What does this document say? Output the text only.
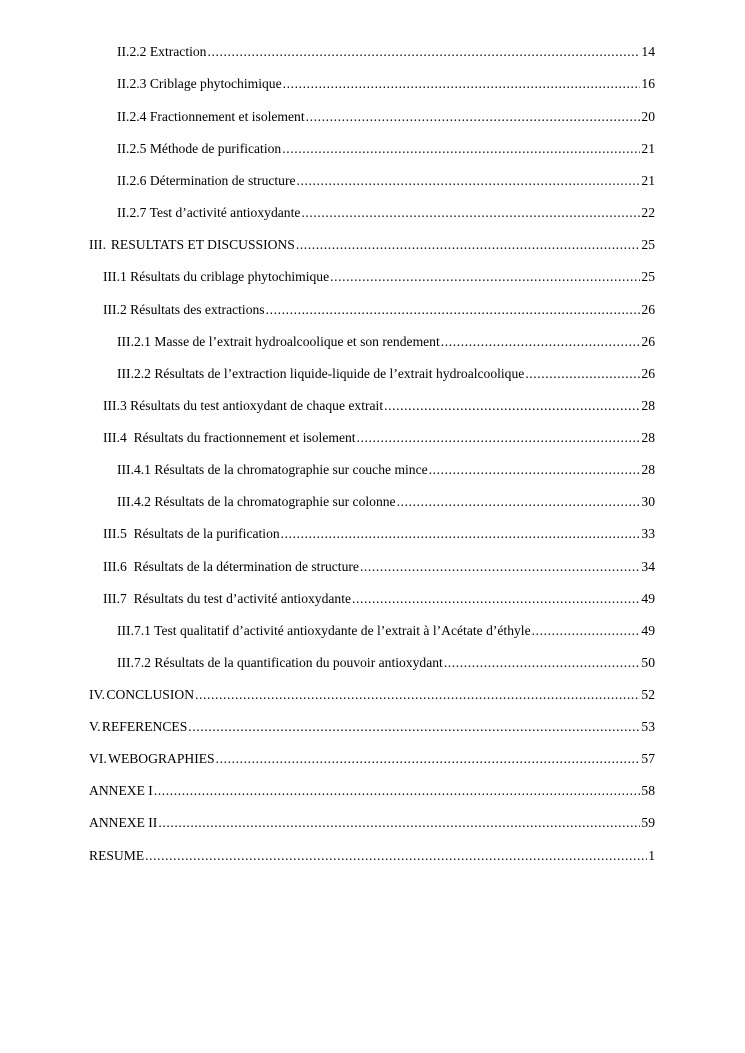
II.2.2 Extraction .....	14
II.2.3 Criblage phytochimique .....	16
II.2.4 Fractionnement et isolement .....	20
II.2.5 Méthode de purification .....	21
II.2.6 Détermination de structure .....	21
II.2.7 Test d’activité antioxydante .....	22
III. RESULTATS ET DISCUSSIONS .....	25
III.1 Résultats du criblage phytochimique .....	25
III.2 Résultats des extractions .....	26
III.2.1 Masse de l’extrait hydroalcoolique et son rendement .....	26
III.2.2 Résultats de l’extraction liquide-liquide de l’extrait hydroalcoolique .....	26
III.3 Résultats du test antioxydant de chaque extrait .....	28
III.4  Résultats du fractionnement et isolement .....	28
III.4.1 Résultats de la chromatographie sur couche mince .....	28
III.4.2 Résultats de la chromatographie sur colonne .....	30
III.5  Résultats de la purification .....	33
III.6  Résultats de la détermination de structure .....	34
III.7  Résultats du test d’activité antioxydante .....	49
III.7.1 Test qualitatif d’activité antioxydante de l’extrait à l’Acétate d’éthyle .....	49
III.7.2 Résultats de la quantification du pouvoir antioxydant .....	50
IV. CONCLUSION .....	52
V. REFERENCES .....	53
VI. WEBOGRAPHIES .....	57
ANNEXE I .....	58
ANNEXE II .....	59
RESUME .....	1
